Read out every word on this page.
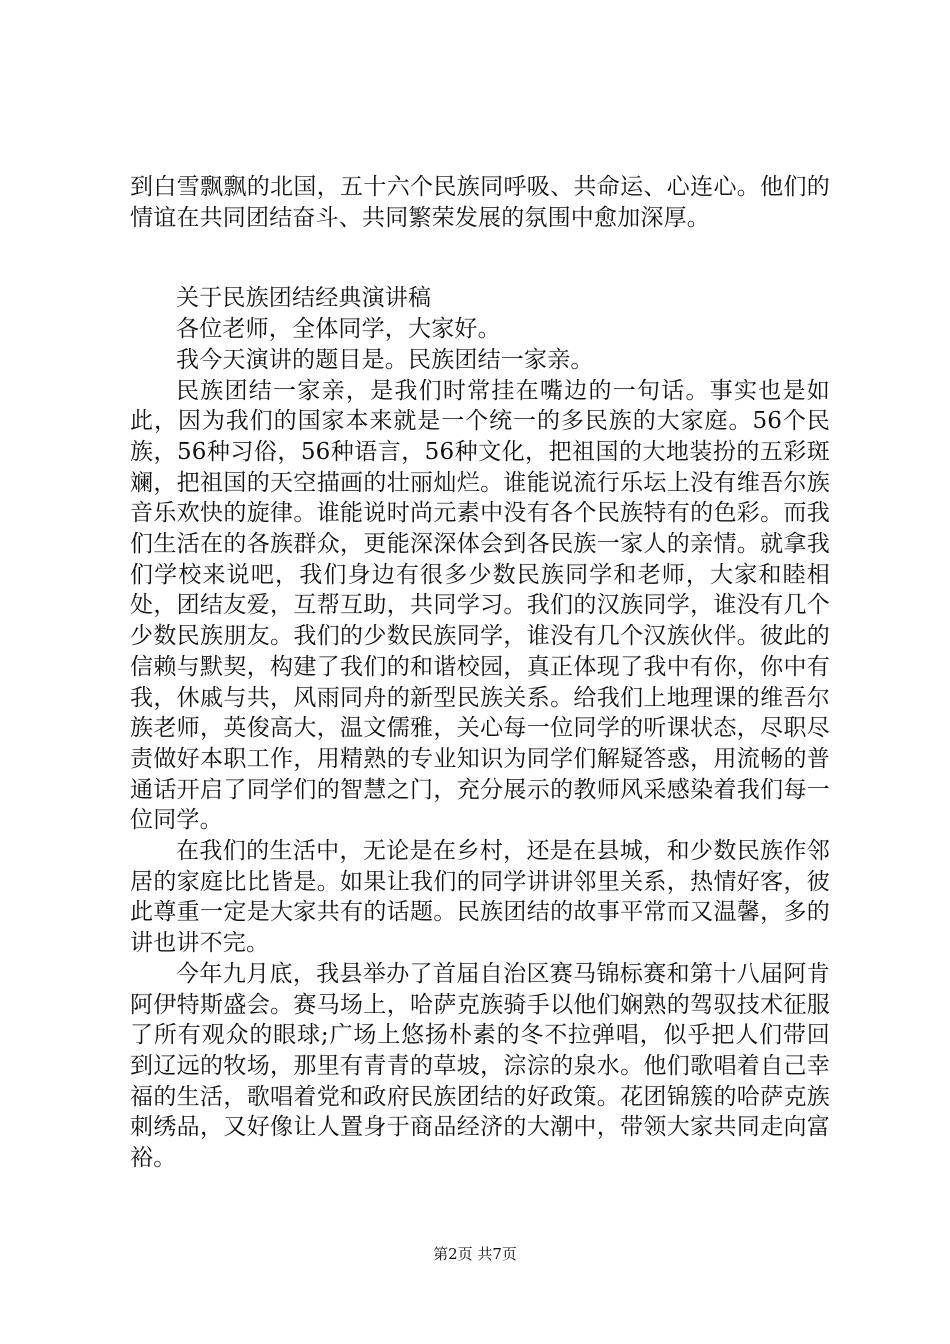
到白雪飘飘的北国，五十六个民族同呼吸、共命运、心连心。他们的情谊在共同团结奋斗、共同繁荣发展的氛围中愈加深厚。

关于民族团结经典演讲稿

各位老师，全体同学，大家好。

我今天演讲的题目是。民族团结一家亲。

民族团结一家亲，是我们时常挂在嘴边的一句话。事实也是如此，因为我们的国家本来就是一个统一的多民族的大家庭。56个民族，56种习俗，56种语言，56种文化，把祖国的大地装扮的五彩斑斓，把祖国的天空描画的壮丽灿烂。谁能说流行乐坛上没有维吾尔族音乐欢快的旋律。谁能说时尚元素中没有各个民族特有的色彩。而我们生活在的各族群众，更能深深体会到各民族一家人的亲情。就拿我们学校来说吧，我们身边有很多少数民族同学和老师，大家和睦相处，团结友爱，互帮互助，共同学习。我们的汉族同学，谁没有几个少数民族朋友。我们的少数民族同学，谁没有几个汉族伙伴。彼此的信赖与默契，构建了我们的和谐校园，真正体现了我中有你，你中有我，休戚与共，风雨同舟的新型民族关系。给我们上地理课的维吾尔族老师，英俊高大，温文儒雅，关心每一位同学的听课状态，尽职尽责做好本职工作，用精熟的专业知识为同学们解疑答惑，用流畅的普通话开启了同学们的智慧之门，充分展示的教师风采感染着我们每一位同学。

在我们的生活中，无论是在乡村，还是在县城，和少数民族作邻居的家庭比比皆是。如果让我们的同学讲讲邻里关系，热情好客，彼此尊重一定是大家共有的话题。民族团结的故事平常而又温馨，多的讲也讲不完。

今年九月底，我县举办了首届自治区赛马锦标赛和第十八届阿肯阿伊特斯盛会。赛马场上，哈萨克族骑手以他们娴熟的驾驭技术征服了所有观众的眼球;广场上悠扬朴素的冬不拉弹唱，似乎把人们带回到辽远的牧场，那里有青青的草坡，淙淙的泉水。他们歌唱着自己幸福的生活，歌唱着党和政府民族团结的好政策。花团锦簇的哈萨克族刺绣品，又好像让人置身于商品经济的大潮中，带领大家共同走向富裕。

第2页 共7页
